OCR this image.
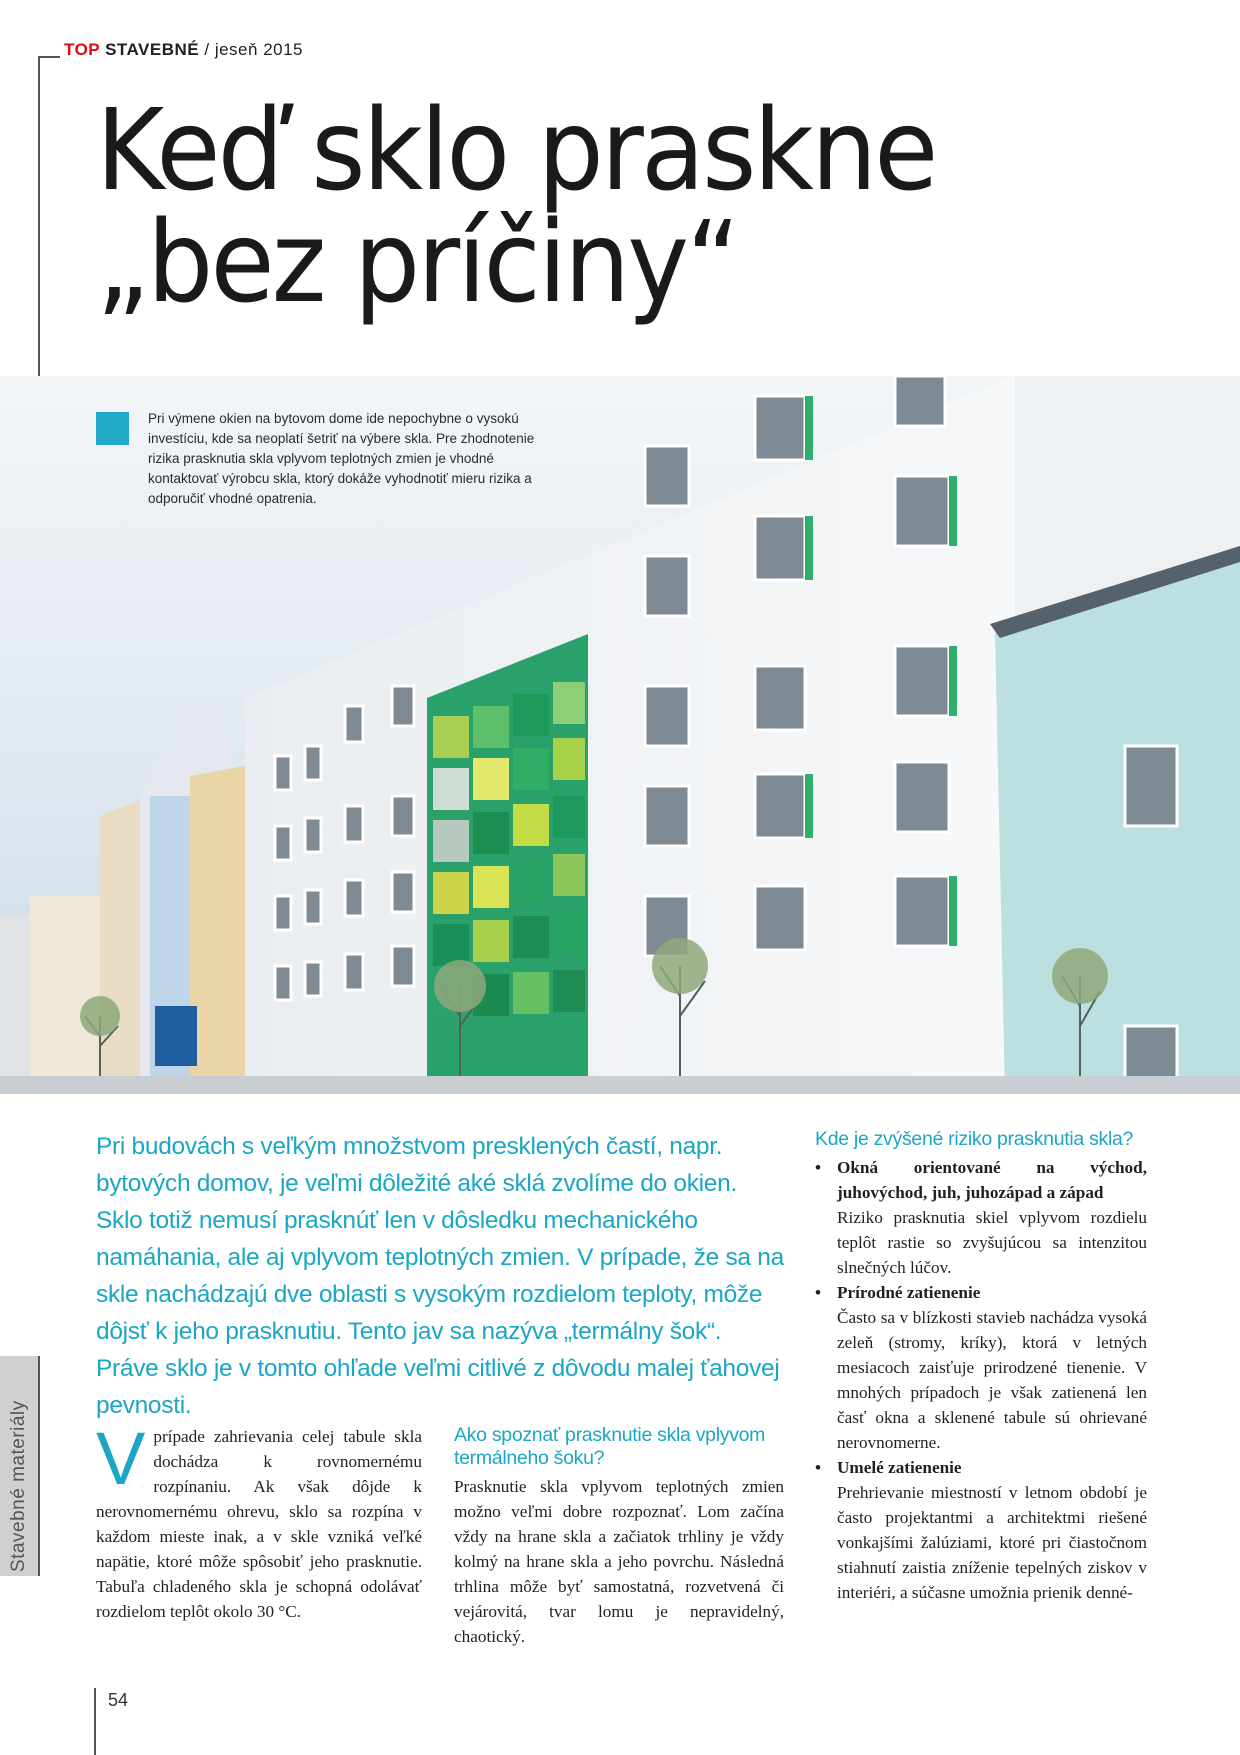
TOP STAVEBNÉ / jeseň 2015
Keď sklo praskne
„bez príčiny“
Pri výmene okien na bytovom dome ide nepochybne o vysokú investíciu, kde sa neoplatí šetriť na výbere skla. Pre zhodnotenie rizika prasknutia skla vplyvom teplotných zmien je vhodné kontaktovať výrobcu skla, ktorý dokáže vyhodnotiť mieru rizika a odporučiť vhodné opatrenia.
Pri budovách s veľkým množstvom presklených častí, napr. bytových domov, je veľmi dôležité aké sklá zvolíme do okien. Sklo totiž nemusí prasknúť len v dôsledku mechanického namáhania, ale aj vplyvom teplotných zmien. V prípade, že sa na skle nachádzajú dve oblasti s vysokým rozdielom teploty, môže dôjsť k jeho prasknutiu. Tento jav sa nazýva „termálny šok“. Práve sklo je v tomto ohľade veľmi citlivé z dôvodu malej ťahovej pevnosti.
Stavebné materiály V prípade zahrievania celej tabule skla dochádza k rovnomernému rozpínaniu. Ak však dôjde k nerovnomernému ohrevu, sklo sa rozpína v každom mieste inak, a v skle vzniká veľké napätie, ktoré môže spôsobiť jeho prasknutie. Tabuľa chladeného skla je schopná odolávať rozdielom teplôt okolo 30 °C.
Ako spoznať prasknutie skla vplyvom termálneho šoku?
Prasknutie skla vplyvom teplotných zmien možno veľmi dobre rozpoznať. Lom začína vždy na hrane skla a začiatok trhliny je vždy kolmý na hrane skla a jeho povrchu. Následná trhlina môže byť samostatná, rozvetvená či vejárovitá, tvar lomu je nepravidelný, chaotický.
Kde je zvýšené riziko prasknutia skla?
• Okná orientované na východ, juhovýchod, juh, juhozápad a západ
Riziko prasknutia skiel vplyvom rozdielu teplôt rastie so zvyšujúcou sa intenzitou slnečných lúčov.
• Prírodné zatienenie
Často sa v blízkosti stavieb nachádza vysoká zeleň (stromy, kríky), ktorá v letných mesiacoch zaisťuje prirodzené tienenie. V mnohých prípadoch je však zatienená len časť okna a sklenené tabule sú ohrievané nerovnomerne.
• Umelé zatienenie
Prehrievanie miestností v letnom období je často projektantmi a architektmi riešené vonkajšími žalúziami, ktoré pri čiastočnom stiahnutí zaistia zníženie tepelných ziskov v interiéri, a súčasne umožnia prienik denné-
54
